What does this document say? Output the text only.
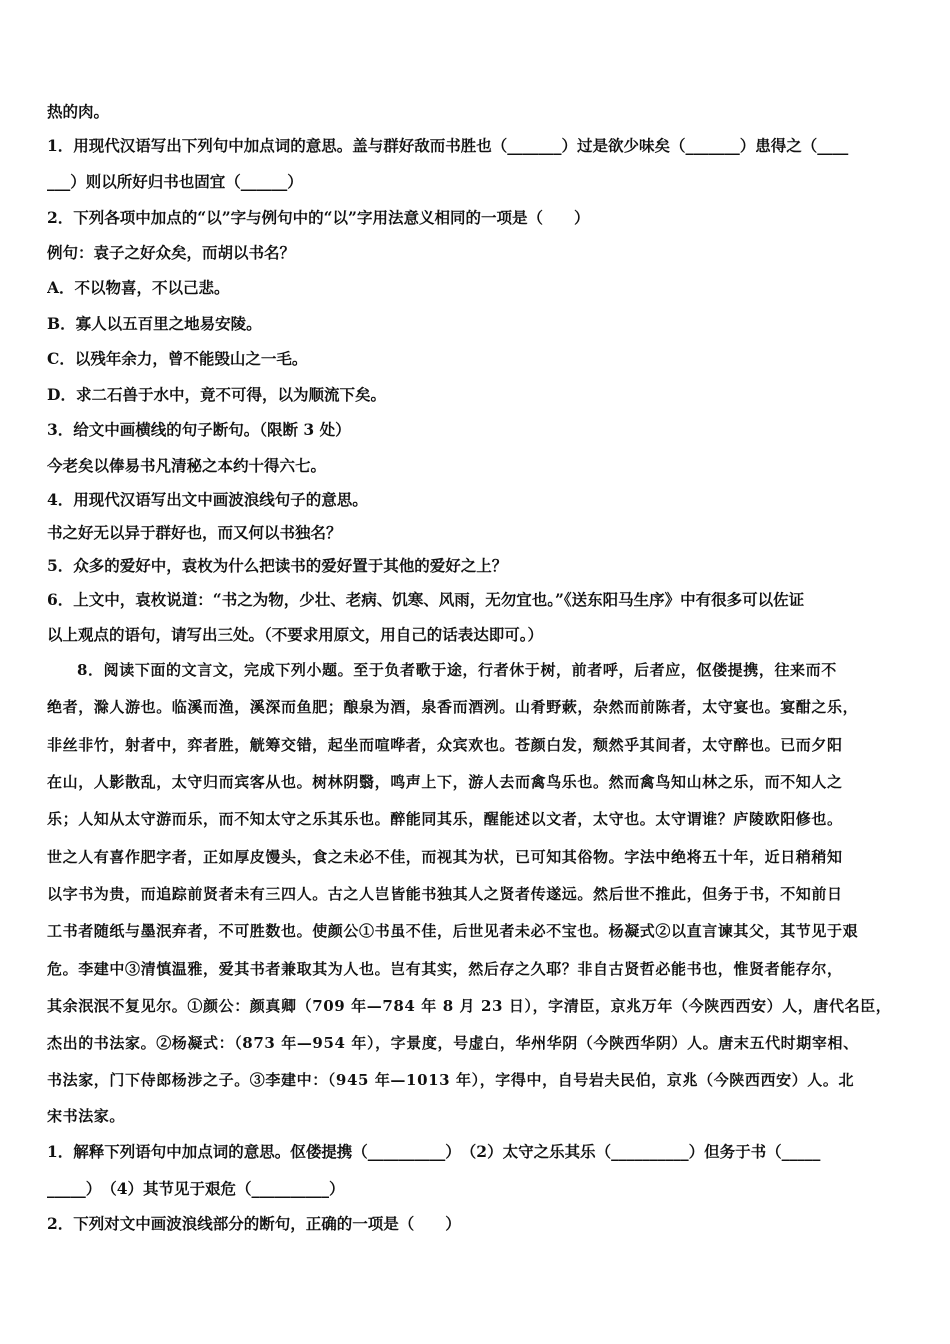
热的肉。
1．用现代汉语写出下列句中加点词的意思。盖与群好敌而书胜也（_______）过是欲少味矣（_______）患得之（____
___）则以所好归书也固宜（______）
2．下列各项中加点的“以”字与例句中的“以”字用法意义相同的一项是（　　）
例句：袁子之好众矣，而胡以书名？
A．不以物喜，不以己悲。
B．寡人以五百里之地易安陵。
C．以残年余力，曾不能毁山之一毛。
D．求二石兽于水中，竟不可得，以为顺流下矣。
3．给文中画横线的句子断句。（限断 3 处）
今老矣以俸易书凡清秘之本约十得六七。
4．用现代汉语写出文中画波浪线句子的意思。
书之好无以异于群好也，而又何以书独名？
5．众多的爱好中，袁枚为什么把读书的爱好置于其他的爱好之上？
6．上文中，袁枚说道：“书之为物，少壮、老病、饥寒、风雨，无勿宜也。”《送东阳马生序》中有很多可以佐证
以上观点的语句，请写出三处。（不要求用原文，用自己的话表达即可。）
8．阅读下面的文言文，完成下列小题。至于负者歌于途，行者休于树，前者呼，后者应，伛偻提携，往来而不
绝者，滁人游也。临溪而渔，溪深而鱼肥；酿泉为酒，泉香而酒洌。山肴野蔌，杂然而前陈者，太守宴也。宴酣之乐，
非丝非竹，射者中，弈者胜，觥筹交错，起坐而喧哗者，众宾欢也。苍颜白发，颓然乎其间者，太守醉也。已而夕阳
在山，人影散乱，太守归而宾客从也。树林阴翳，鸣声上下，游人去而禽鸟乐也。然而禽鸟知山林之乐，而不知人之
乐；人知从太守游而乐，而不知太守之乐其乐也。醉能同其乐，醒能述以文者，太守也。太守谓谁？庐陵欧阳修也。
世之人有喜作肥字者，正如厚皮馒头，食之未必不佳，而视其为状，已可知其俗物。字法中绝将五十年，近日稍稍知
以字书为贵，而追踪前贤者未有三四人。古之人岂皆能书独其人之贤者传遂远。然后世不推此，但务于书，不知前日
工书者随纸与墨泯弃者，不可胜数也。使颜公①书虽不佳，后世见者未必不宝也。杨凝式②以直言谏其父，其节见于艰
危。李建中③清慎温雅，爱其书者兼取其为人也。岂有其实，然后存之久耶？非自古贤哲必能书也，惟贤者能存尔，
其余泯泯不复见尔。①颜公：颜真卿（709 年—784 年 8 月 23 日），字清臣，京兆万年（今陕西西安）人，唐代名臣，
杰出的书法家。②杨凝式：（873 年—954 年），字景度，号虚白，华州华阴（今陕西华阴）人。唐末五代时期宰相、
书法家，门下侍郎杨涉之子。③李建中：（945 年—1013 年），字得中，自号岩夫民伯，京兆（今陕西西安）人。北
宋书法家。
1．解释下列语句中加点词的意思。伛偻提携（__________）　（2）太守之乐其乐（__________）但务于书（_____
_____）　（4）其节见于艰危（__________）
2．下列对文中画波浪线部分的断句，正确的一项是（　　）
